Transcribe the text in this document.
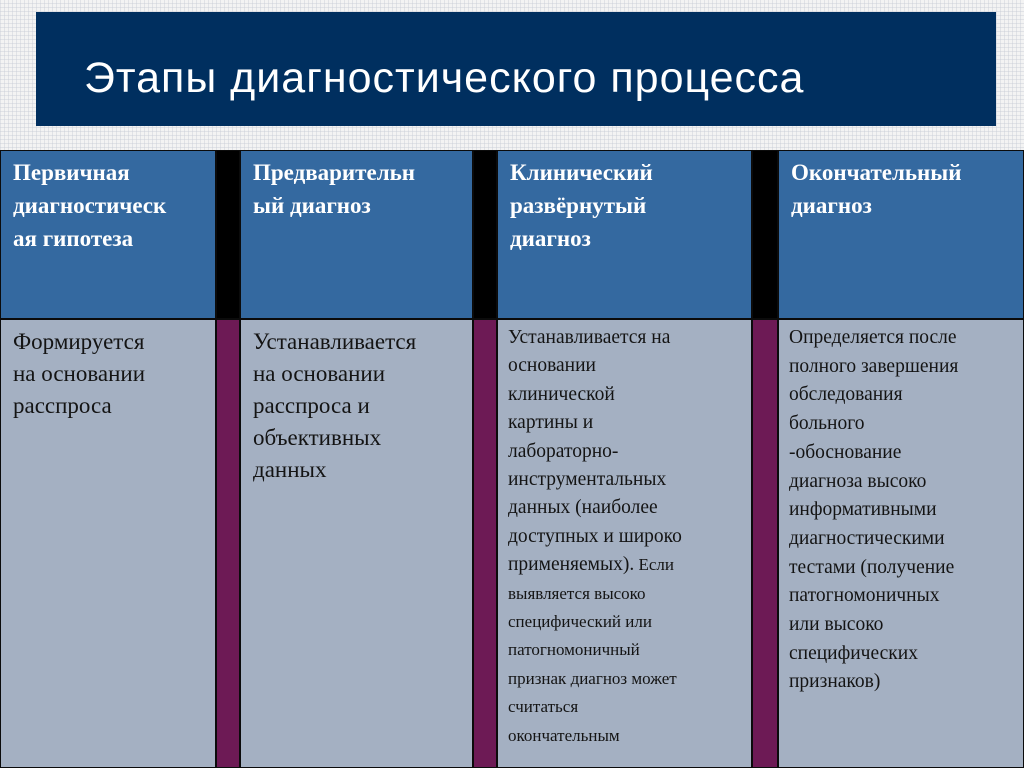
Этапы диагностического процесса
Первичная
диагностическ
ая гипотеза
Формируется
на основании
расспроса
Предварительн
ый диагноз
Устанавливается
на основании
расспроса и
объективных
данных
Клинический
развёрнутый
диагноз
Устанавливается на
основании
клинической
картины и
лабораторно-
инструментальных
данных (наиболее
доступных и широко
применяемых). Если
выявляется высоко
специфический или
патогномоничный
признак диагноз может
считаться
окончательным
Окончательный
диагноз
Определяется после
полного завершения
обследования
больного
-обоснование
диагноза высоко
информативными
диагностическими
тестами (получение
патогномоничных
или высоко
специфических
признаков)
